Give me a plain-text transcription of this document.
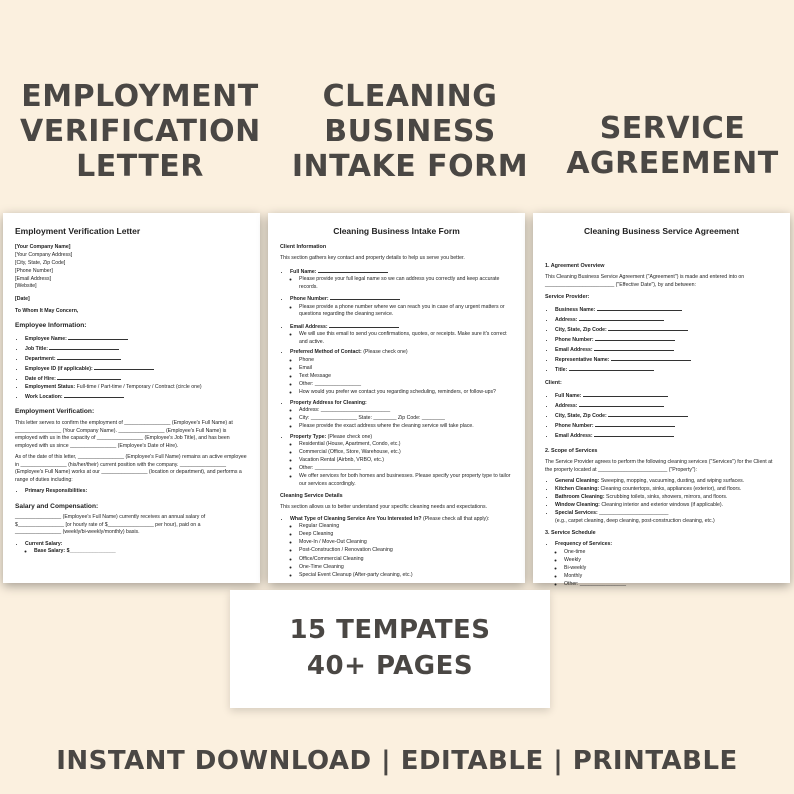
EMPLOYMENT
VERIFICATION
LETTER
CLEANING
BUSINESS
INTAKE FORM
SERVICE
AGREEMENT
Employment Verification Letter
[Your Company Name]
[Your Company Address]
[City, State, Zip Code]
[Phone Number]
[Email Address]
[Website]
[Date]
To Whom It May Concern,
Employee Information:
• Employee Name:
• Job Title:
• Department:
• Employee ID (if applicable):
• Date of Hire:
• Employment Status: Full-time / Part-time / Temporary / Contract (circle one)
• Work Location:
Employment Verification:
This letter serves to confirm the employment of ________________ (Employee's Full Name) at ________________ (Your Company Name). ________________ (Employee's Full Name) is employed with us in the capacity of ________________ (Employee's Job Title), and has been employed with us since ________________ (Employee's Date of Hire).
As of the date of this letter, ________________ (Employee's Full Name) remains an active employee in ________________ (his/her/their) current position with the company. ________________ (Employee's Full Name) works at our ________________ (location or department), and performs a range of duties including:
• Primary Responsibilities:
Salary and Compensation:
________________ (Employee's Full Name) currently receives an annual salary of $________________ [or hourly rate of $________________ per hour), paid on a ________________ (weekly/bi-weekly/monthly) basis.
• Current Salary:
◦ Base Salary: $________________
Cleaning Business Intake Form
Client Information
This section gathers key contact and property details to help us serve you better.
• Full Name:
◦ Please provide your full legal name so we can address you correctly and keep accurate records.
• Phone Number:
◦ Please provide a phone number where we can reach you in case of any urgent matters or questions regarding the cleaning service.
• Email Address:
◦ We will use this email to send you confirmations, quotes, or receipts. Make sure it's correct and active.
• Preferred Method of Contact: (Please check one)
◦ Phone
◦ Email
◦ Text Message
◦ Other: ________________
◦ How would you prefer we contact you regarding scheduling, reminders, or follow-ups?
• Property Address for Cleaning:
◦ Address: ________________________
◦ City: ________________ State: ________ Zip Code: ________
◦ Please provide the exact address where the cleaning service will take place.
• Property Type: (Please check one)
◦ Residential (House, Apartment, Condo, etc.)
◦ Commercial (Office, Store, Warehouse, etc.)
◦ Vacation Rental (Airbnb, VRBO, etc.)
◦ Other: ________________
◦ We offer services for both homes and businesses. Please specify your property type to tailor our services accordingly.
Cleaning Service Details
This section allows us to better understand your specific cleaning needs and expectations.
• What Type of Cleaning Service Are You Interested In? (Please check all that apply):
◦ Regular Cleaning
◦ Deep Cleaning
◦ Move-In / Move-Out Cleaning
◦ Post-Construction / Renovation Cleaning
◦ Office/Commercial Cleaning
◦ One-Time Cleaning
◦ Special Event Cleanup (After-party cleaning, etc.)
Cleaning Business Service Agreement
1. Agreement Overview
This Cleaning Business Service Agreement ("Agreement") is made and entered into on ________________________ ("Effective Date"), by and between:
Service Provider:
• Business Name:
• Address:
• City, State, Zip Code:
• Phone Number:
• Email Address:
• Representative Name:
• Title:
Client:
• Full Name:
• Address:
• City, State, Zip Code:
• Phone Number:
• Email Address:
2. Scope of Services
The Service Provider agrees to perform the following cleaning services ("Services") for the Client at the property located at ________________________ ("Property"):
• General Cleaning: Sweeping, mopping, vacuuming, dusting, and wiping surfaces.
• Kitchen Cleaning: Cleaning countertops, sinks, appliances (exterior), and floors.
• Bathroom Cleaning: Scrubbing toilets, sinks, showers, mirrors, and floors.
• Window Cleaning: Cleaning interior and exterior windows (if applicable).
• Special Services: ________________________
(e.g., carpet cleaning, deep cleaning, post-construction cleaning, etc.)
3. Service Schedule
• Frequency of Services:
◦ One-time
◦ Weekly
◦ Bi-weekly
◦ Monthly
◦ Other: ________________
15 TEMPATES
40+ PAGES
INSTANT DOWNLOAD | EDITABLE | PRINTABLE
